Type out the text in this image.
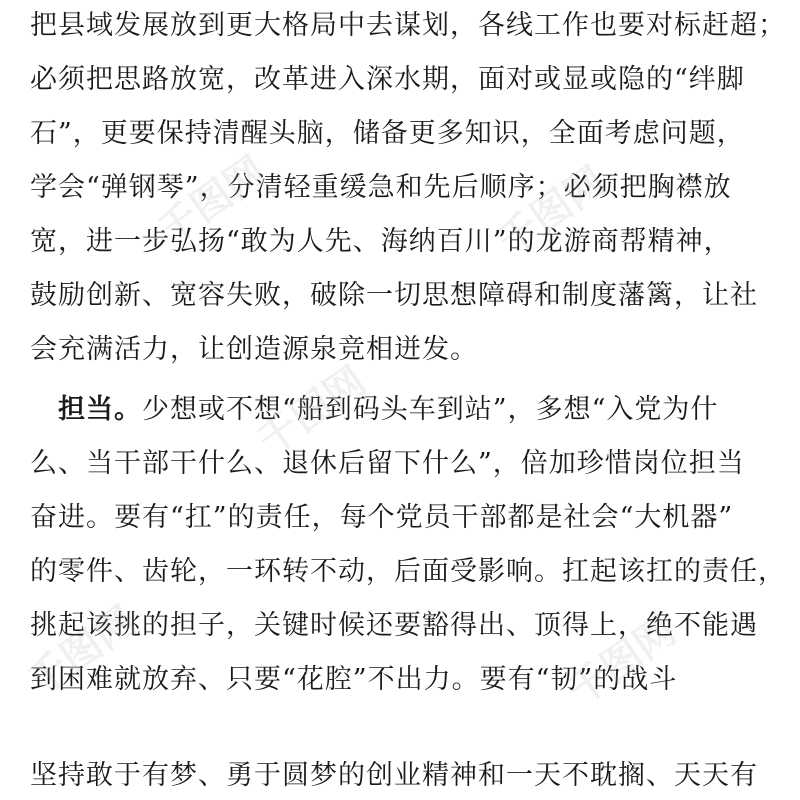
把县域发展放到更大格局中去谋划，各线工作也要对标赶超；
必须把思路放宽，改革进入深水期，面对或显或隐的“绊脚
石”，更要保持清醒头脑，储备更多知识，全面考虑问题，
学会“弹钢琴”，分清轻重缓急和先后顺序；必须把胸襟放
宽，进一步弘扬“敢为人先、海纳百川”的龙游商帮精神，
鼓励创新、宽容失败，破除一切思想障碍和制度藩篱，让社
会充满活力，让创造源泉竞相迸发。
担当。少想或不想“船到码头车到站”，多想“入党为什
么、当干部干什么、退休后留下什么”，倍加珍惜岗位担当
奋进。要有“扛”的责任，每个党员干部都是社会“大机器”
的零件、齿轮，一环转不动，后面受影响。扛起该扛的责任，
挑起该挑的担子，关键时候还要豁得出、顶得上，绝不能遇
到困难就放弃、只要“花腔”不出力。要有“韧”的战斗
坚持敢于有梦、勇于圆梦的创业精神和一天不耽搁、天天有
千图网	千图网
千图网
千图网	千图网
